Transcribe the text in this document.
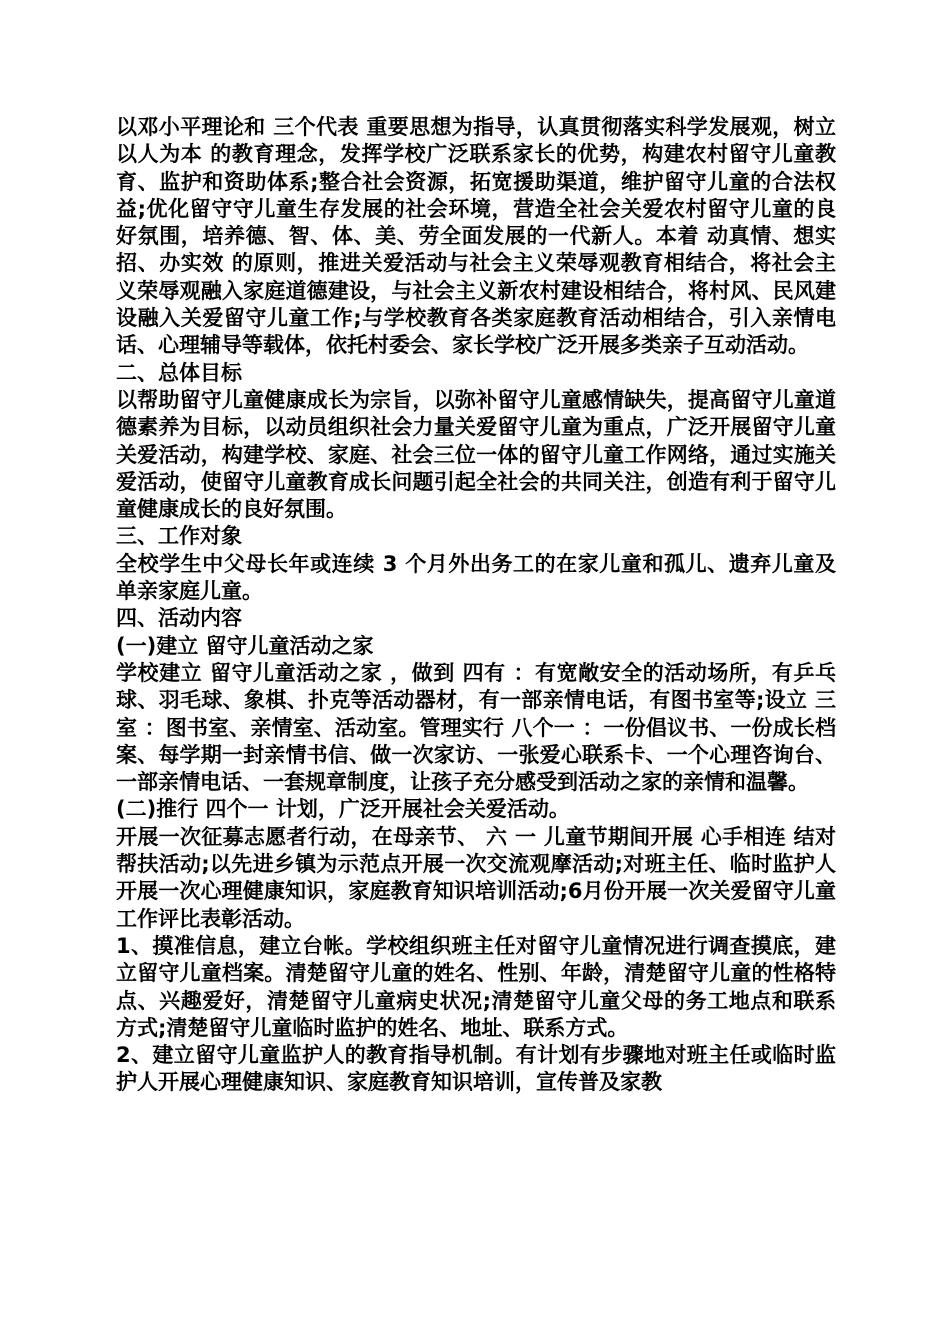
以邓小平理论和 三个代表 重要思想为指导，认真贯彻落实科学发展观，树立 以人为本 的教育理念，发挥学校广泛联系家长的优势，构建农村留守儿童教育、监护和资助体系;整合社会资源，拓宽援助渠道，维护留守儿童的合法权益;优化留守守儿童生存发展的社会环境，营造全社会关爱农村留守儿童的良好氛围，培养德、智、体、美、劳全面发展的一代新人。本着 动真情、想实招、办实效 的原则，推进关爱活动与社会主义荣辱观教育相结合，将社会主义荣辱观融入家庭道德建设，与社会主义新农村建设相结合，将村风、民风建设融入关爱留守儿童工作;与学校教育各类家庭教育活动相结合，引入亲情电话、心理辅导等载体，依托村委会、家长学校广泛开展多类亲子互动活动。

二、总体目标

以帮助留守儿童健康成长为宗旨，以弥补留守儿童感情缺失，提高留守儿童道德素养为目标，以动员组织社会力量关爱留守儿童为重点，广泛开展留守儿童关爱活动，构建学校、家庭、社会三位一体的留守儿童工作网络，通过实施关爱活动，使留守儿童教育成长问题引起全社会的共同关注，创造有利于留守儿童健康成长的良好氛围。

三、工作对象

全校学生中父母长年或连续 3 个月外出务工的在家儿童和孤儿、遗弃儿童及单亲家庭儿童。

四、活动内容

(一)建立 留守儿童活动之家

学校建立 留守儿童活动之家 ，做到 四有 ：有宽敞安全的活动场所，有乒乓球、羽毛球、象棋、扑克等活动器材，有一部亲情电话，有图书室等;设立 三室 ：图书室、亲情室、活动室。管理实行 八个一 ：一份倡议书、一份成长档案、每学期一封亲情书信、做一次家访、一张爱心联系卡、一个心理咨询台、一部亲情电话、一套规章制度，让孩子充分感受到活动之家的亲情和温馨。

(二)推行 四个一 计划，广泛开展社会关爱活动。

开展一次征募志愿者行动，在母亲节、 六 一 儿童节期间开展 心手相连 结对帮扶活动;以先进乡镇为示范点开展一次交流观摩活动;对班主任、临时监护人开展一次心理健康知识，家庭教育知识培训活动;6月份开展一次关爱留守儿童工作评比表彰活动。

1、摸准信息，建立台帐。学校组织班主任对留守儿童情况进行调查摸底，建立留守儿童档案。清楚留守儿童的姓名、性别、年龄，清楚留守儿童的性格特点、兴趣爱好，清楚留守儿童病史状况;清楚留守儿童父母的务工地点和联系方式;清楚留守儿童临时监护的姓名、地址、联系方式。

2、建立留守儿童监护人的教育指导机制。有计划有步骤地对班主任或临时监护人开展心理健康知识、家庭教育知识培训，宣传普及家教
